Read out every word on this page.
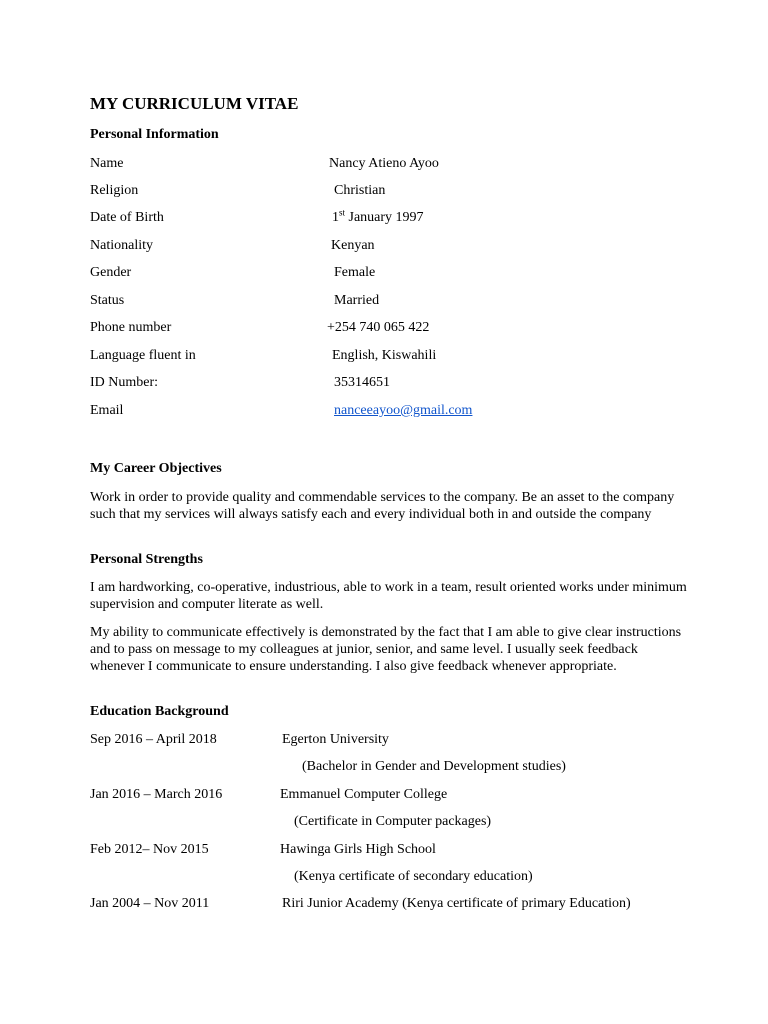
MY CURRICULUM VITAE
Personal Information
Name	Nancy Atieno Ayoo
Religion	Christian
Date of Birth	1st January 1997
Nationality	Kenyan
Gender	Female
Status	Married
Phone number	+254 740 065 422
Language fluent in	English, Kiswahili
ID Number:	35314651
Email	nanceeayoo@gmail.com
My Career Objectives
Work in order to provide quality and commendable services to the company. Be an asset to the company such that my services will always satisfy each and every individual both in and outside the company
Personal Strengths
I am hardworking, co-operative, industrious, able to work in a team, result oriented works under minimum supervision and computer literate as well.
My ability to communicate effectively is demonstrated by the fact that I am able to give clear instructions and to pass on message to my colleagues at junior, senior, and same level. I usually seek feedback whenever I communicate to ensure understanding. I also give feedback whenever appropriate.
Education Background
Sep 2016 – April 2018	Egerton University
(Bachelor in Gender and Development studies)
Jan 2016 – March 2016	Emmanuel Computer College
(Certificate in Computer packages)
Feb 2012– Nov 2015	Hawinga Girls High School
(Kenya certificate of secondary education)
Jan 2004 – Nov 2011	Riri Junior Academy (Kenya certificate of primary Education)
